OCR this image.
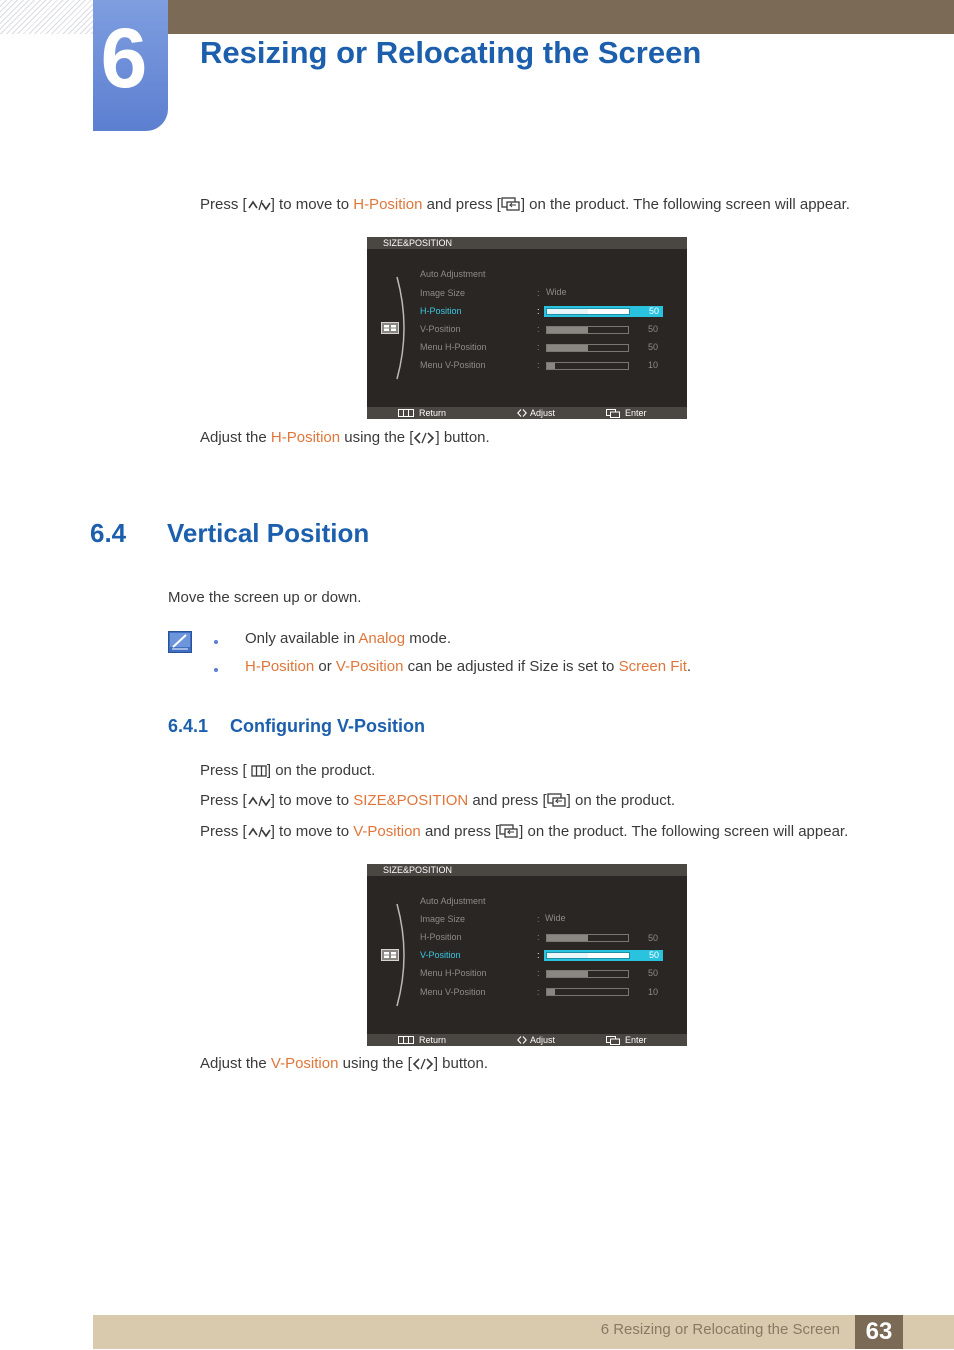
6 Resizing or Relocating the Screen

Press [ ] to move to H-Position and press [ ] on the product. The following screen will appear.

SIZE&POSITION
Auto Adjustment
Image Size	: Wide
H-Position	:	50
V-Position	:	50
Menu H-Position	:	50
Menu V-Position	:	10
Return	Adjust	Enter

Adjust the H-Position using the [ ] button.

6.4 Vertical Position

Move the screen up or down.

Only available in Analog mode.

H-Position or V-Position can be adjusted if Size is set to Screen Fit.

6.4.1 Configuring V-Position

Press [ ] on the product.

Press [ ] to move to SIZE&POSITION and press [ ] on the product.

Press [ ] to move to V-Position and press [ ] on the product. The following screen will appear.

SIZE&POSITION
Auto Adjustment
Image Size	: Wide
H-Position	:	50
V-Position	:	50
Menu H-Position	:	50
Menu V-Position	:	10
Return	Adjust	Enter

Adjust the V-Position using the [ ] button.

6 Resizing or Relocating the Screen	63
